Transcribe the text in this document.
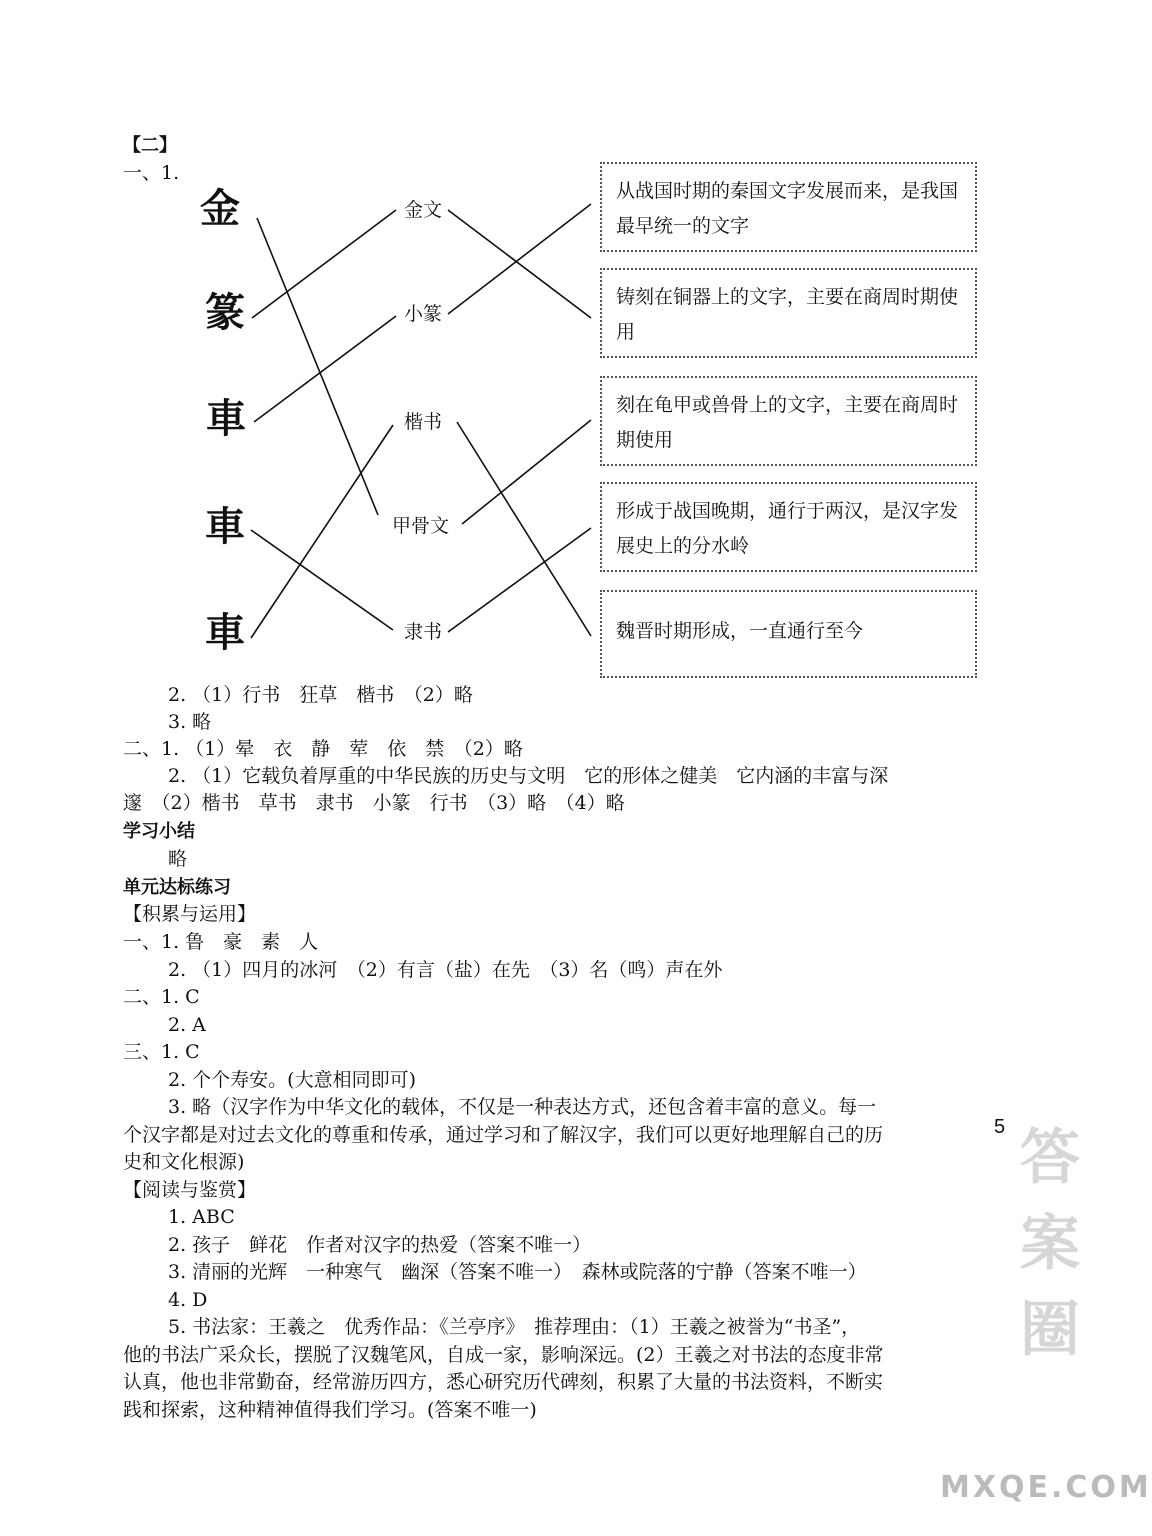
【二】
一、1.
金
篆
車
車
車
金文
小篆
楷书
甲骨文
隶书
从战国时期的秦国文字发展而来，是我国最早统一的文字
铸刻在铜器上的文字，主要在商周时期使用
刻在龟甲或兽骨上的文字，主要在商周时期使用
形成于战国晚期，通行于两汉，是汉字发展史上的分水岭
魏晋时期形成，一直通行至今
2. （1）行书　狂草　楷书　（2）略
3. 略
二、1. （1）晕　衣　静　荤　依　禁　（2）略
2. （1）它载负着厚重的中华民族的历史与文明　它的形体之健美　它内涵的丰富与深
邃　（2）楷书　草书　隶书　小篆　行书　（3）略　（4）略
学习小结
略
单元达标练习
【积累与运用】
一、1. 鲁　豪　素　人
2. （1）四月的冰河　（2）有言（盐）在先　（3）名（鸣）声在外
二、1. C
2. A
三、1. C
2. 个个寿安。(大意相同即可)
3. 略（汉字作为中华文化的载体，不仅是一种表达方式，还包含着丰富的意义。每一
个汉字都是对过去文化的尊重和传承，通过学习和了解汉字，我们可以更好地理解自己的历
史和文化根源)
【阅读与鉴赏】
1. ABC
2. 孩子　鲜花　作者对汉字的热爱（答案不唯一）
3. 清丽的光辉　一种寒气　幽深（答案不唯一）　森林或院落的宁静（答案不唯一）
4. D
5. 书法家：王羲之　优秀作品：《兰亭序》　推荐理由：（1）王羲之被誉为“书圣”，
他的书法广采众长，摆脱了汉魏笔风，自成一家，影响深远。(2）王羲之对书法的态度非常
认真，他也非常勤奋，经常游历四方，悉心研究历代碑刻，积累了大量的书法资料，不断实
践和探索，这种精神值得我们学习。(答案不唯一)
5 答案圈
MXQE.COM
